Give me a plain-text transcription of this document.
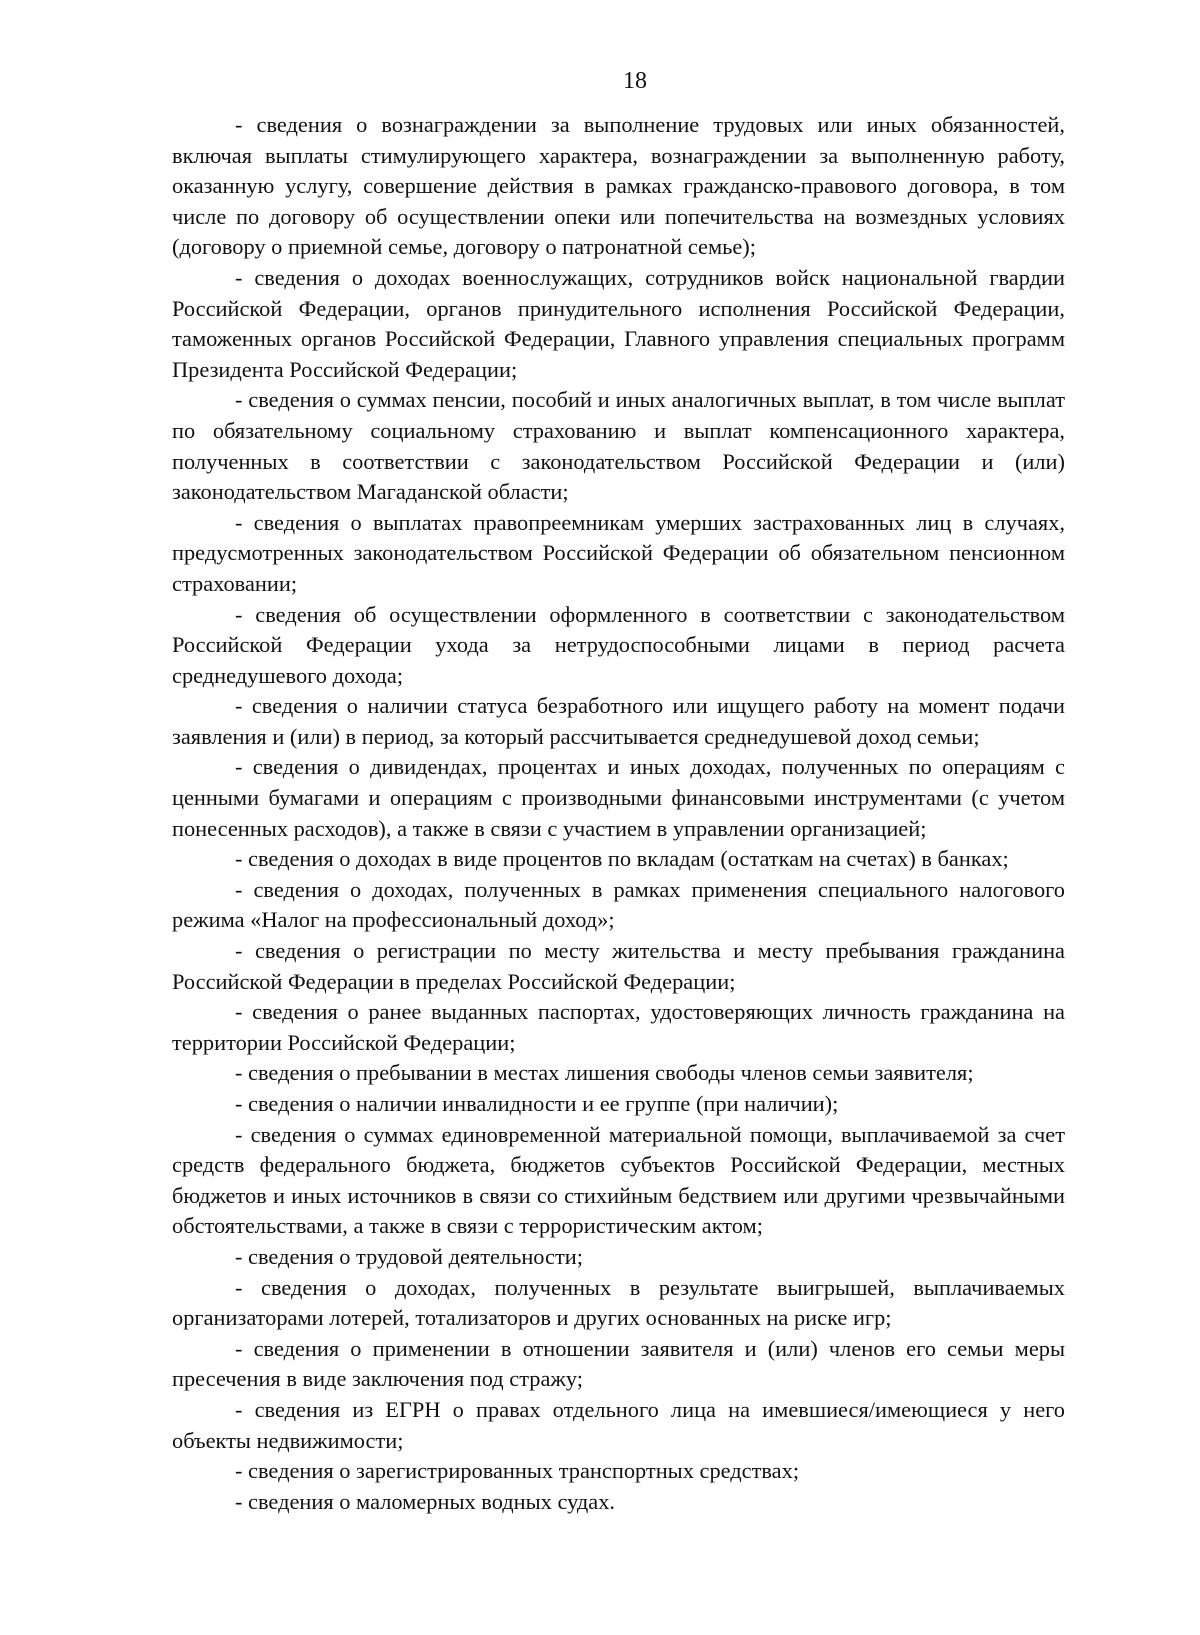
18

- сведения о вознаграждении за выполнение трудовых или иных обязанностей, включая выплаты стимулирующего характера, вознаграждении за выполненную работу, оказанную услугу, совершение действия в рамках гражданско-правового договора, в том числе по договору об осуществлении опеки или попечительства на возмездных условиях (договору о приемной семье, договору о патронатной семье);

- сведения о доходах военнослужащих, сотрудников войск национальной гвардии Российской Федерации, органов принудительного исполнения Российской Федерации, таможенных органов Российской Федерации, Главного управления специальных программ Президента Российской Федерации;

- сведения о суммах пенсии, пособий и иных аналогичных выплат, в том числе выплат по обязательному социальному страхованию и выплат компенсационного характера, полученных в соответствии с законодательством Российской Федерации и (или) законодательством Магаданской области;

- сведения о выплатах правопреемникам умерших застрахованных лиц в случаях, предусмотренных законодательством Российской Федерации об обязательном пенсионном страховании;

- сведения об осуществлении оформленного в соответствии с законодательством Российской Федерации ухода за нетрудоспособными лицами в период расчета среднедушевого дохода;

- сведения о наличии статуса безработного или ищущего работу на момент подачи заявления и (или) в период, за который рассчитывается среднедушевой доход семьи;

- сведения о дивидендах, процентах и иных доходах, полученных по операциям с ценными бумагами и операциям с производными финансовыми инструментами (с учетом понесенных расходов), а также в связи с участием в управлении организацией;

- сведения о доходах в виде процентов по вкладам (остаткам на счетах) в банках;

- сведения о доходах, полученных в рамках применения специального налогового режима «Налог на профессиональный доход»;

- сведения о регистрации по месту жительства и месту пребывания гражданина Российской Федерации в пределах Российской Федерации;

- сведения о ранее выданных паспортах, удостоверяющих личность гражданина на территории Российской Федерации;

- сведения о пребывании в местах лишения свободы членов семьи заявителя;

- сведения о наличии инвалидности и ее группе (при наличии);

- сведения о суммах единовременной материальной помощи, выплачиваемой за счет средств федерального бюджета, бюджетов субъектов Российской Федерации, местных бюджетов и иных источников в связи со стихийным бедствием или другими чрезвычайными обстоятельствами, а также в связи с террористическим актом;

- сведения о трудовой деятельности;

- сведения о доходах, полученных в результате выигрышей, выплачиваемых организаторами лотерей, тотализаторов и других основанных на риске игр;

- сведения о применении в отношении заявителя и (или) членов его семьи меры пресечения в виде заключения под стражу;

- сведения из ЕГРН о правах отдельного лица на имевшиеся/имеющиеся у него объекты недвижимости;

- сведения о зарегистрированных транспортных средствах;

- сведения о маломерных водных судах.
